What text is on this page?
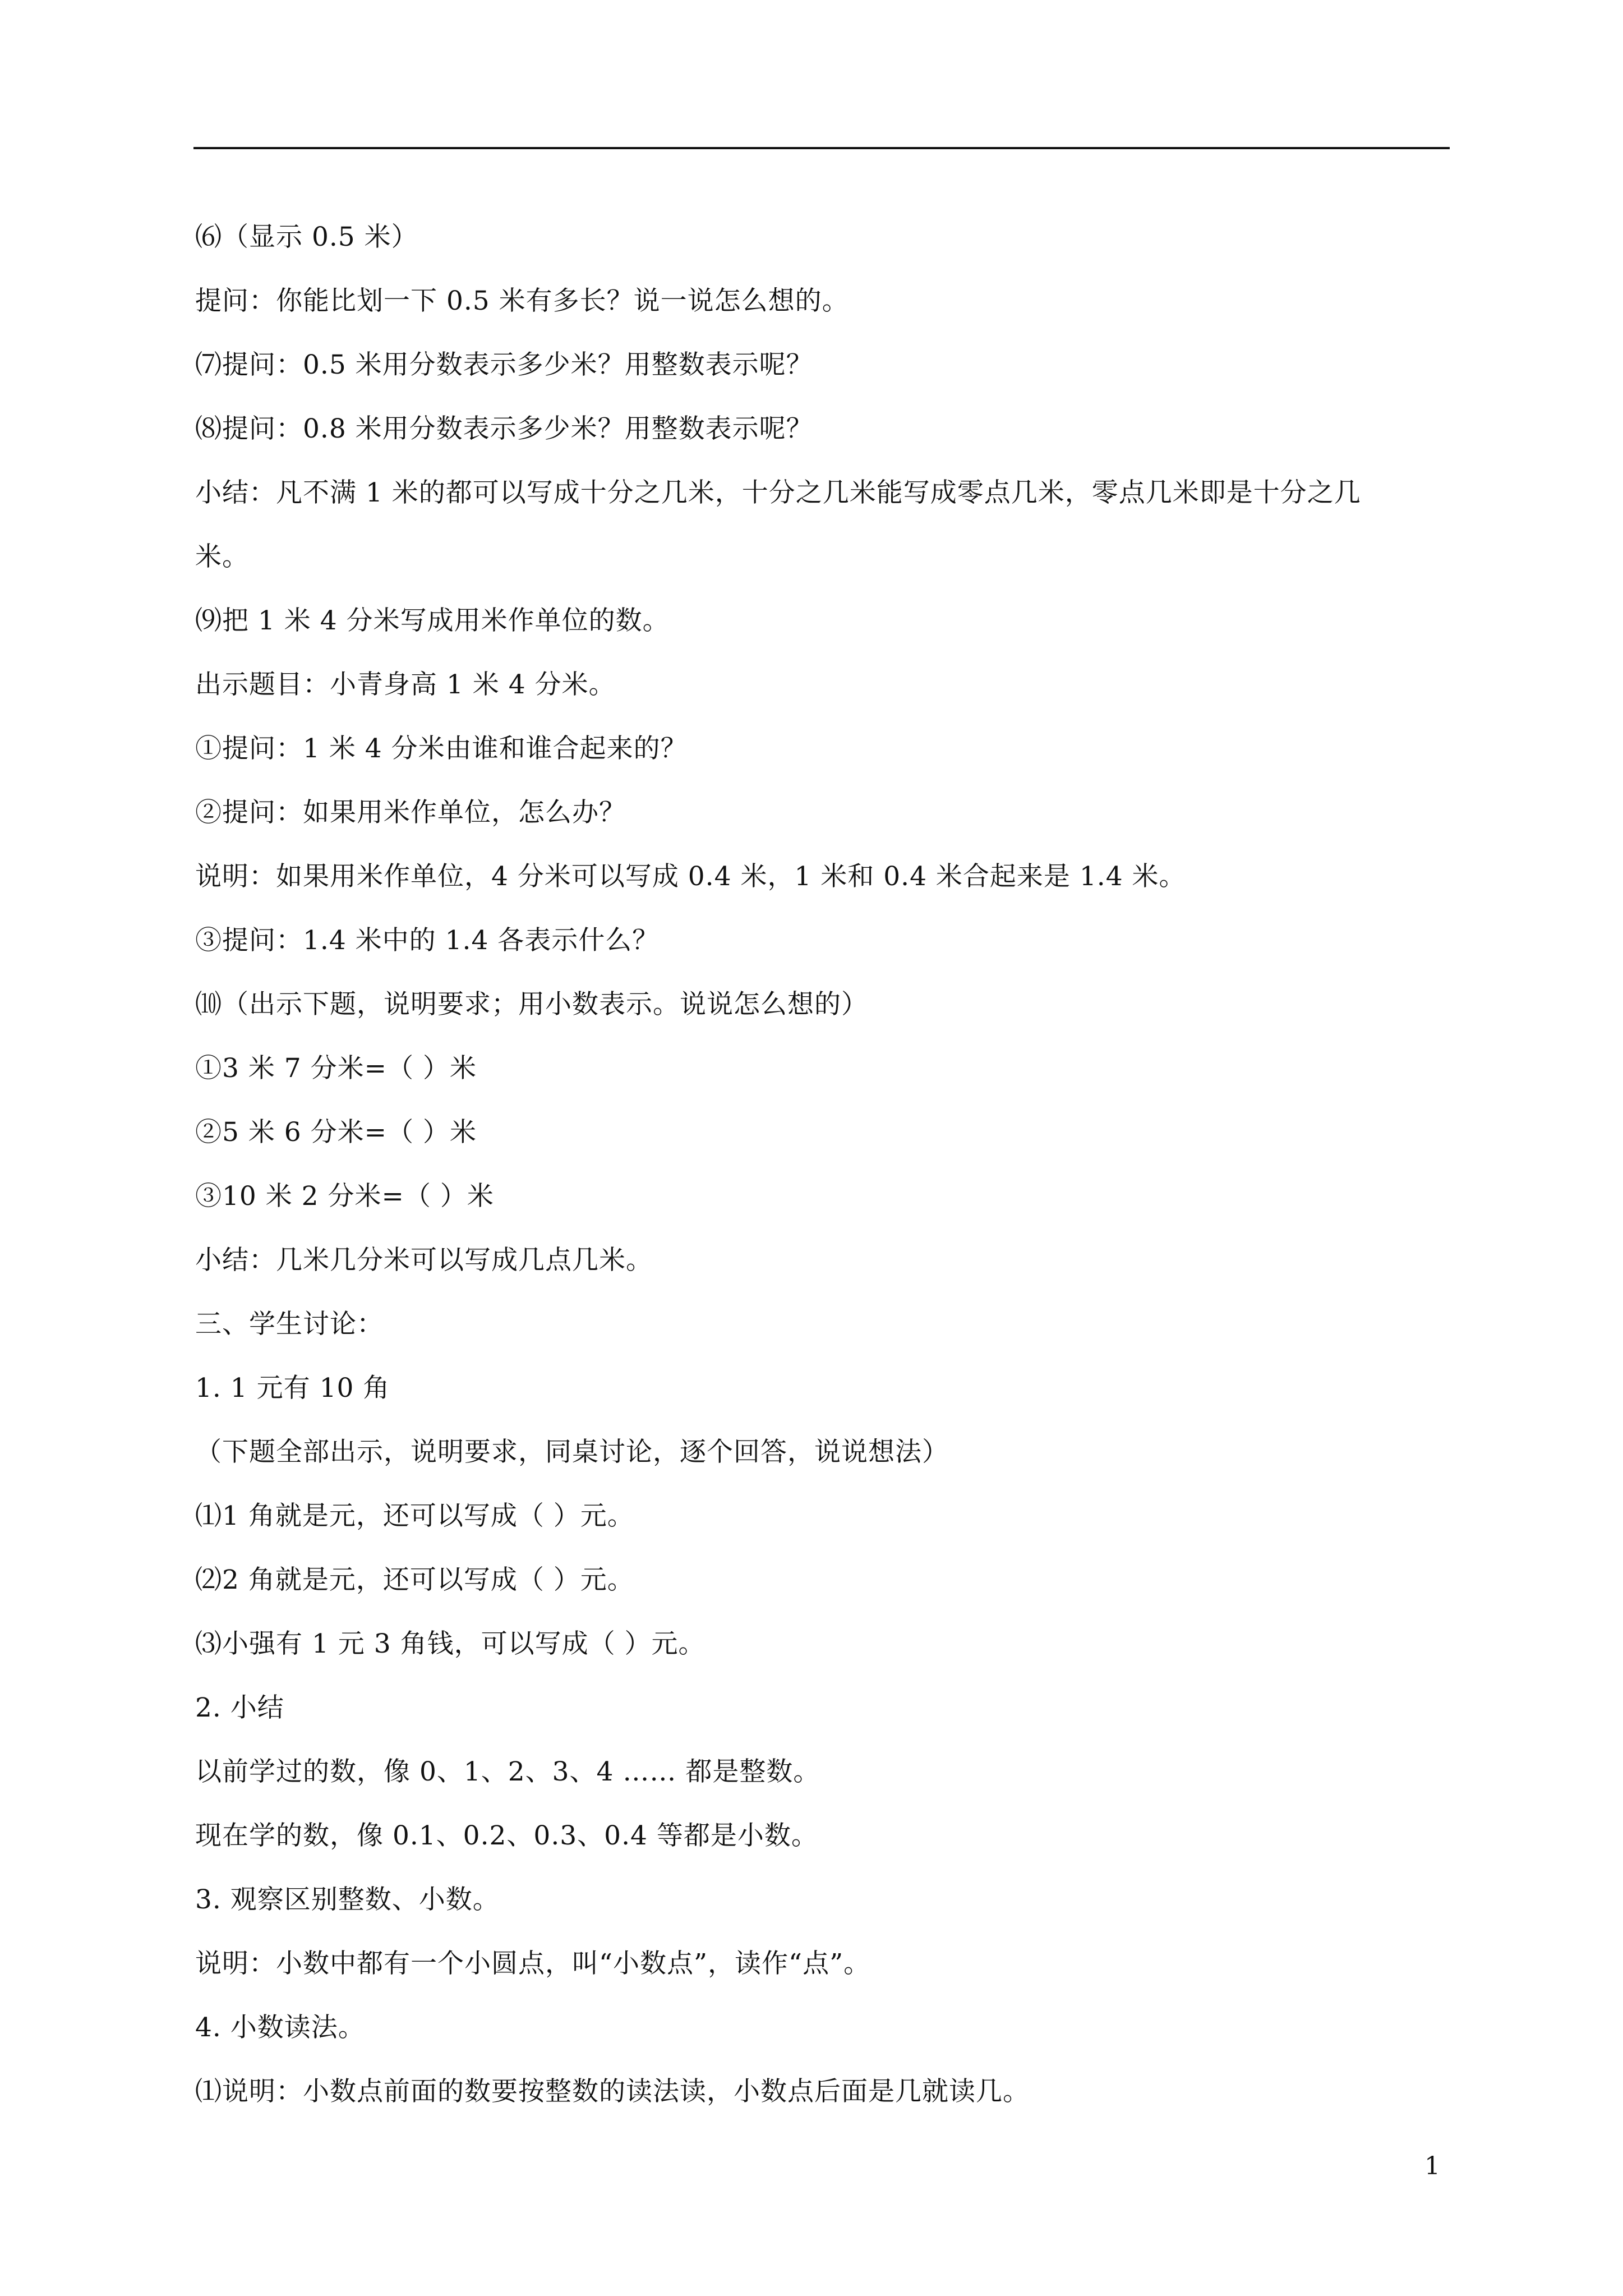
⑹（显示 0.5 米）
提问：你能比划一下 0.5 米有多长？说一说怎么想的。
⑺提问：0.5 米用分数表示多少米？用整数表示呢？
⑻提问：0.8 米用分数表示多少米？用整数表示呢？
小结：凡不满 1 米的都可以写成十分之几米，十分之几米能写成零点几米，零点几米即是十分之几
米。
⑼把 1 米 4 分米写成用米作单位的数。
出示题目：小青身高 1 米 4 分米。
①提问：1 米 4 分米由谁和谁合起来的？
②提问：如果用米作单位，怎么办？
说明：如果用米作单位，4 分米可以写成 0.4 米，1 米和 0.4 米合起来是 1.4 米。
③提问：1.4 米中的 1.4 各表示什么？
⑽（出示下题，说明要求；用小数表示。说说怎么想的）
①3 米 7 分米=（ ）米
②5 米 6 分米=（ ）米
③10 米 2 分米=（ ）米
小结：几米几分米可以写成几点几米。
三、学生讨论：
1. 1 元有 10 角
（下题全部出示，说明要求，同桌讨论，逐个回答，说说想法）
⑴1 角就是元，还可以写成（ ）元。
⑵2 角就是元，还可以写成（ ）元。
⑶小强有 1 元 3 角钱，可以写成（ ）元。
2. 小结
以前学过的数，像 0、1、2、3、4 …… 都是整数。
现在学的数，像 0.1、0.2、0.3、0.4 等都是小数。
3. 观察区别整数、小数。
说明：小数中都有一个小圆点，叫“小数点”，读作“点”。
4. 小数读法。
⑴说明：小数点前面的数要按整数的读法读，小数点后面是几就读几。
1
